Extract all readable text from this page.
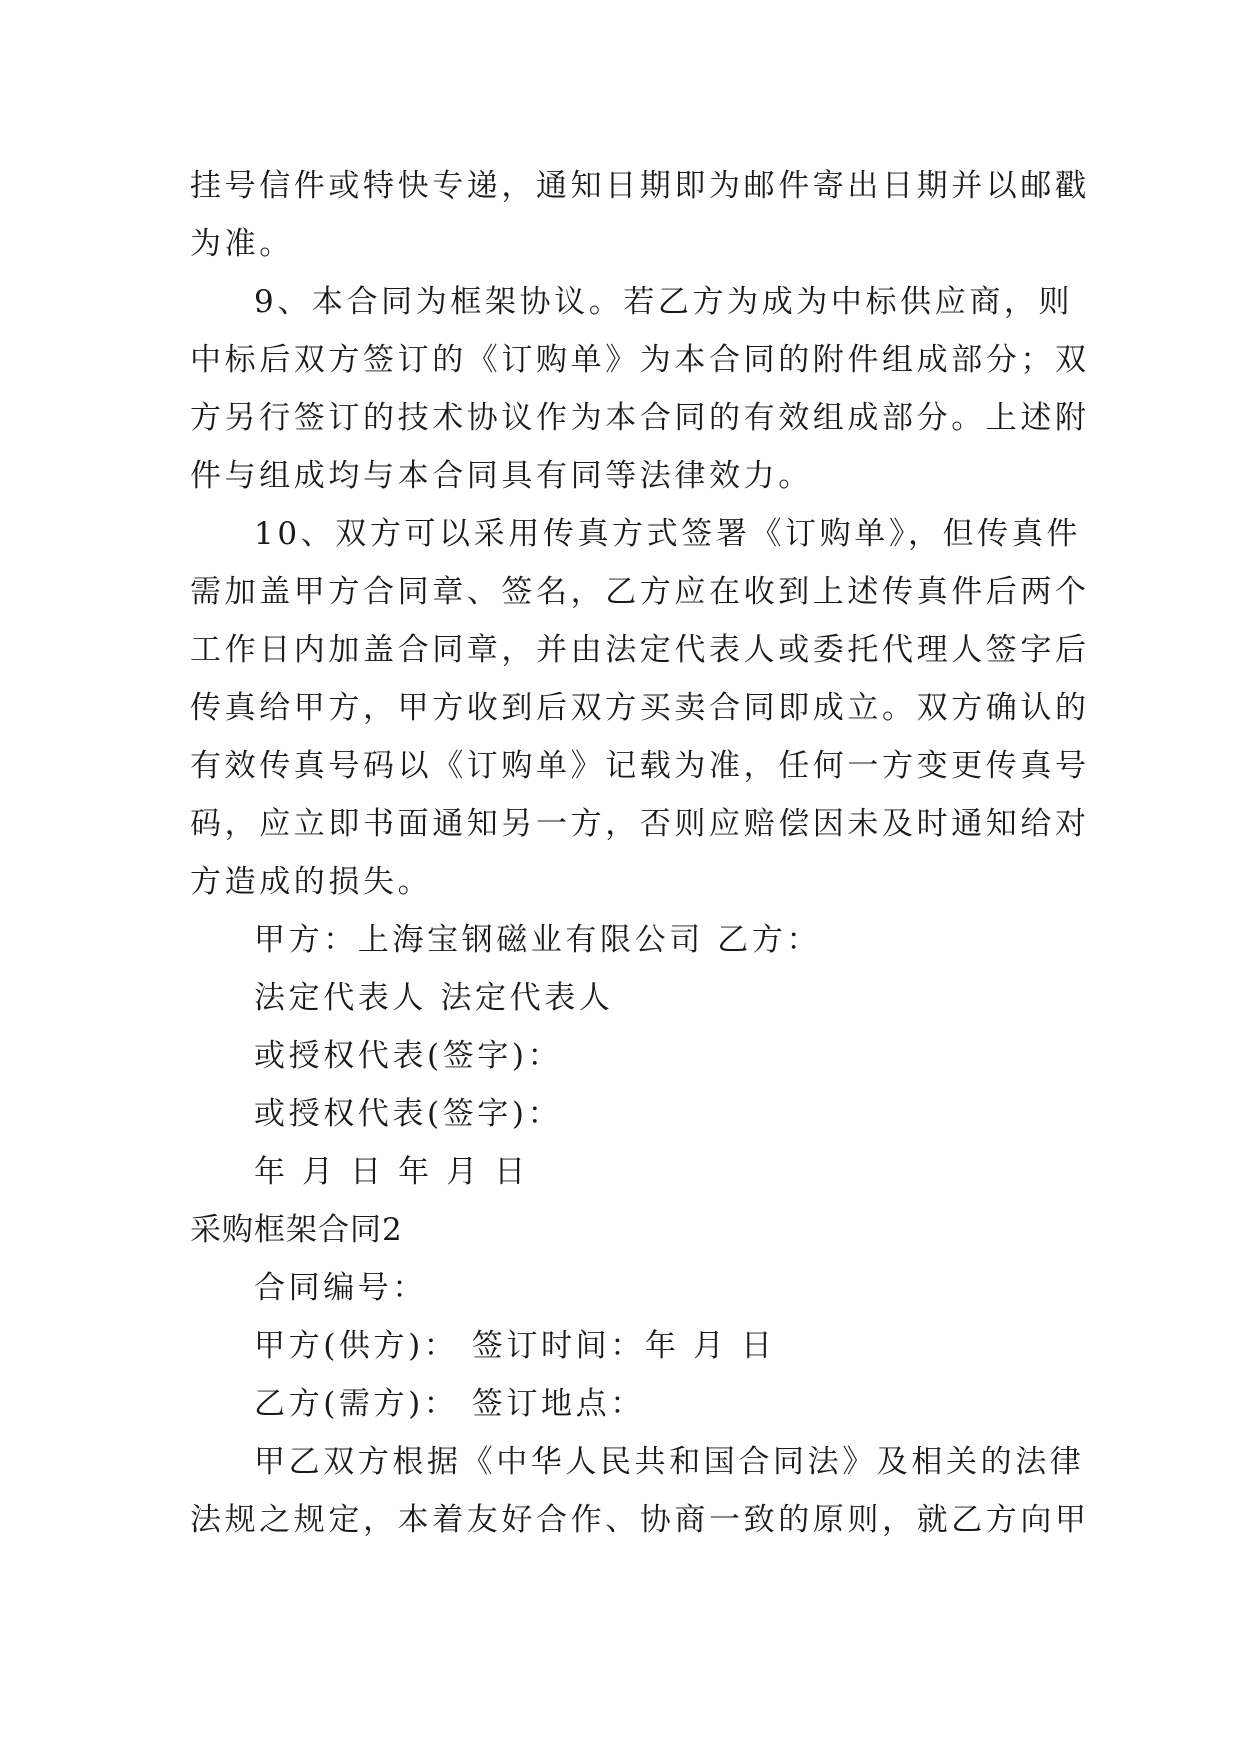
挂号信件或特快专递，通知日期即为邮件寄出日期并以邮戳
为准。
9、本合同为框架协议。若乙方为成为中标供应商，则
中标后双方签订的《订购单》为本合同的附件组成部分；双
方另行签订的技术协议作为本合同的有效组成部分。上述附
件与组成均与本合同具有同等法律效力。
10、双方可以采用传真方式签署《订购单》，但传真件
需加盖甲方合同章、签名，乙方应在收到上述传真件后两个
工作日内加盖合同章，并由法定代表人或委托代理人签字后
传真给甲方，甲方收到后双方买卖合同即成立。双方确认的
有效传真号码以《订购单》记载为准，任何一方变更传真号
码，应立即书面通知另一方，否则应赔偿因未及时通知给对
方造成的损失。
甲方：上海宝钢磁业有限公司 乙方：
法定代表人 法定代表人
或授权代表(签字)：
或授权代表(签字)：
年 月 日 年 月 日
采购框架合同2
合同编号：
甲方(供方)： 签订时间：年 月 日
乙方(需方)： 签订地点：
甲乙双方根据《中华人民共和国合同法》及相关的法律
法规之规定，本着友好合作、协商一致的原则，就乙方向甲
